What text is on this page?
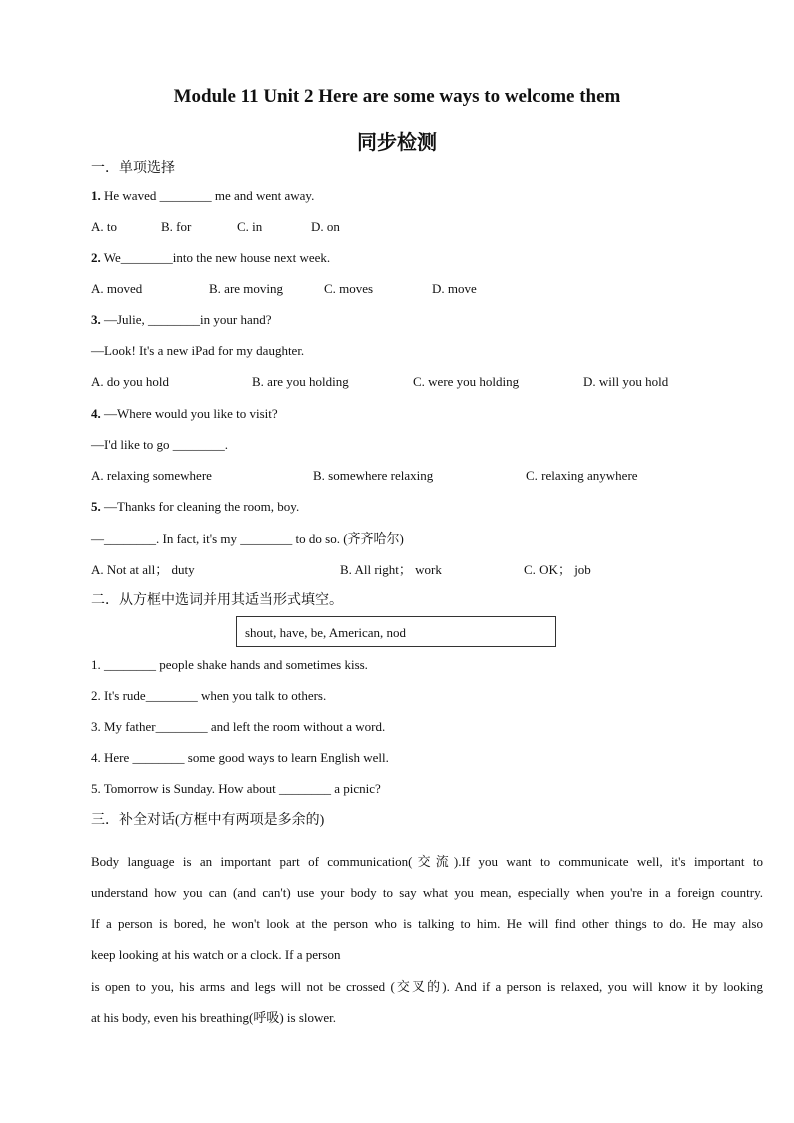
Module 11 Unit 2 Here are some ways to welcome them
同步检测
一．单项选择
1. He waved ________ me and went away.
A. to	B. for	C. in	D. on
2. We________into the new house next week.
A. moved	B. are moving	C. moves	D. move
3. —Julie, ________in your hand?
—Look! It's a new iPad for my daughter.
A. do you hold	B. are you holding	C. were you holding	D. will you hold
4. —Where would you like to visit?
—I'd like to go ________.
A. relaxing somewhere	B. somewhere relaxing	C. relaxing anywhere
5. —Thanks for cleaning the room, boy.
—________. In fact, it's my ________ to do so. (齐齐哈尔)
A. Not at all； duty	B. All right； work	C. OK； job
二．从方框中选词并用其适当形式填空。
shout, have, be, American, nod
1. ________ people shake hands and sometimes kiss.
2. It's rude________ when you talk to others.
3. My father________ and left the room without a word.
4. Here ________ some good ways to learn English well.
5. Tomorrow is Sunday. How about ________ a picnic?
三．补全对话(方框中有两项是多余的)
Body language is an important part of communication(交流).If you want to communicate well, it's important to
understand how you can (and can't) use your body to say what you mean, especially when you're in a foreign country.
If a person is bored, he won't look at the person who is talking to him. He will find other things to do. He may also
keep looking at his watch or a clock. If a person
is open to you, his arms and legs will not be crossed (交叉的). And if a person is relaxed, you will know it by looking
at his body, even his breathing(呼吸) is slower.
